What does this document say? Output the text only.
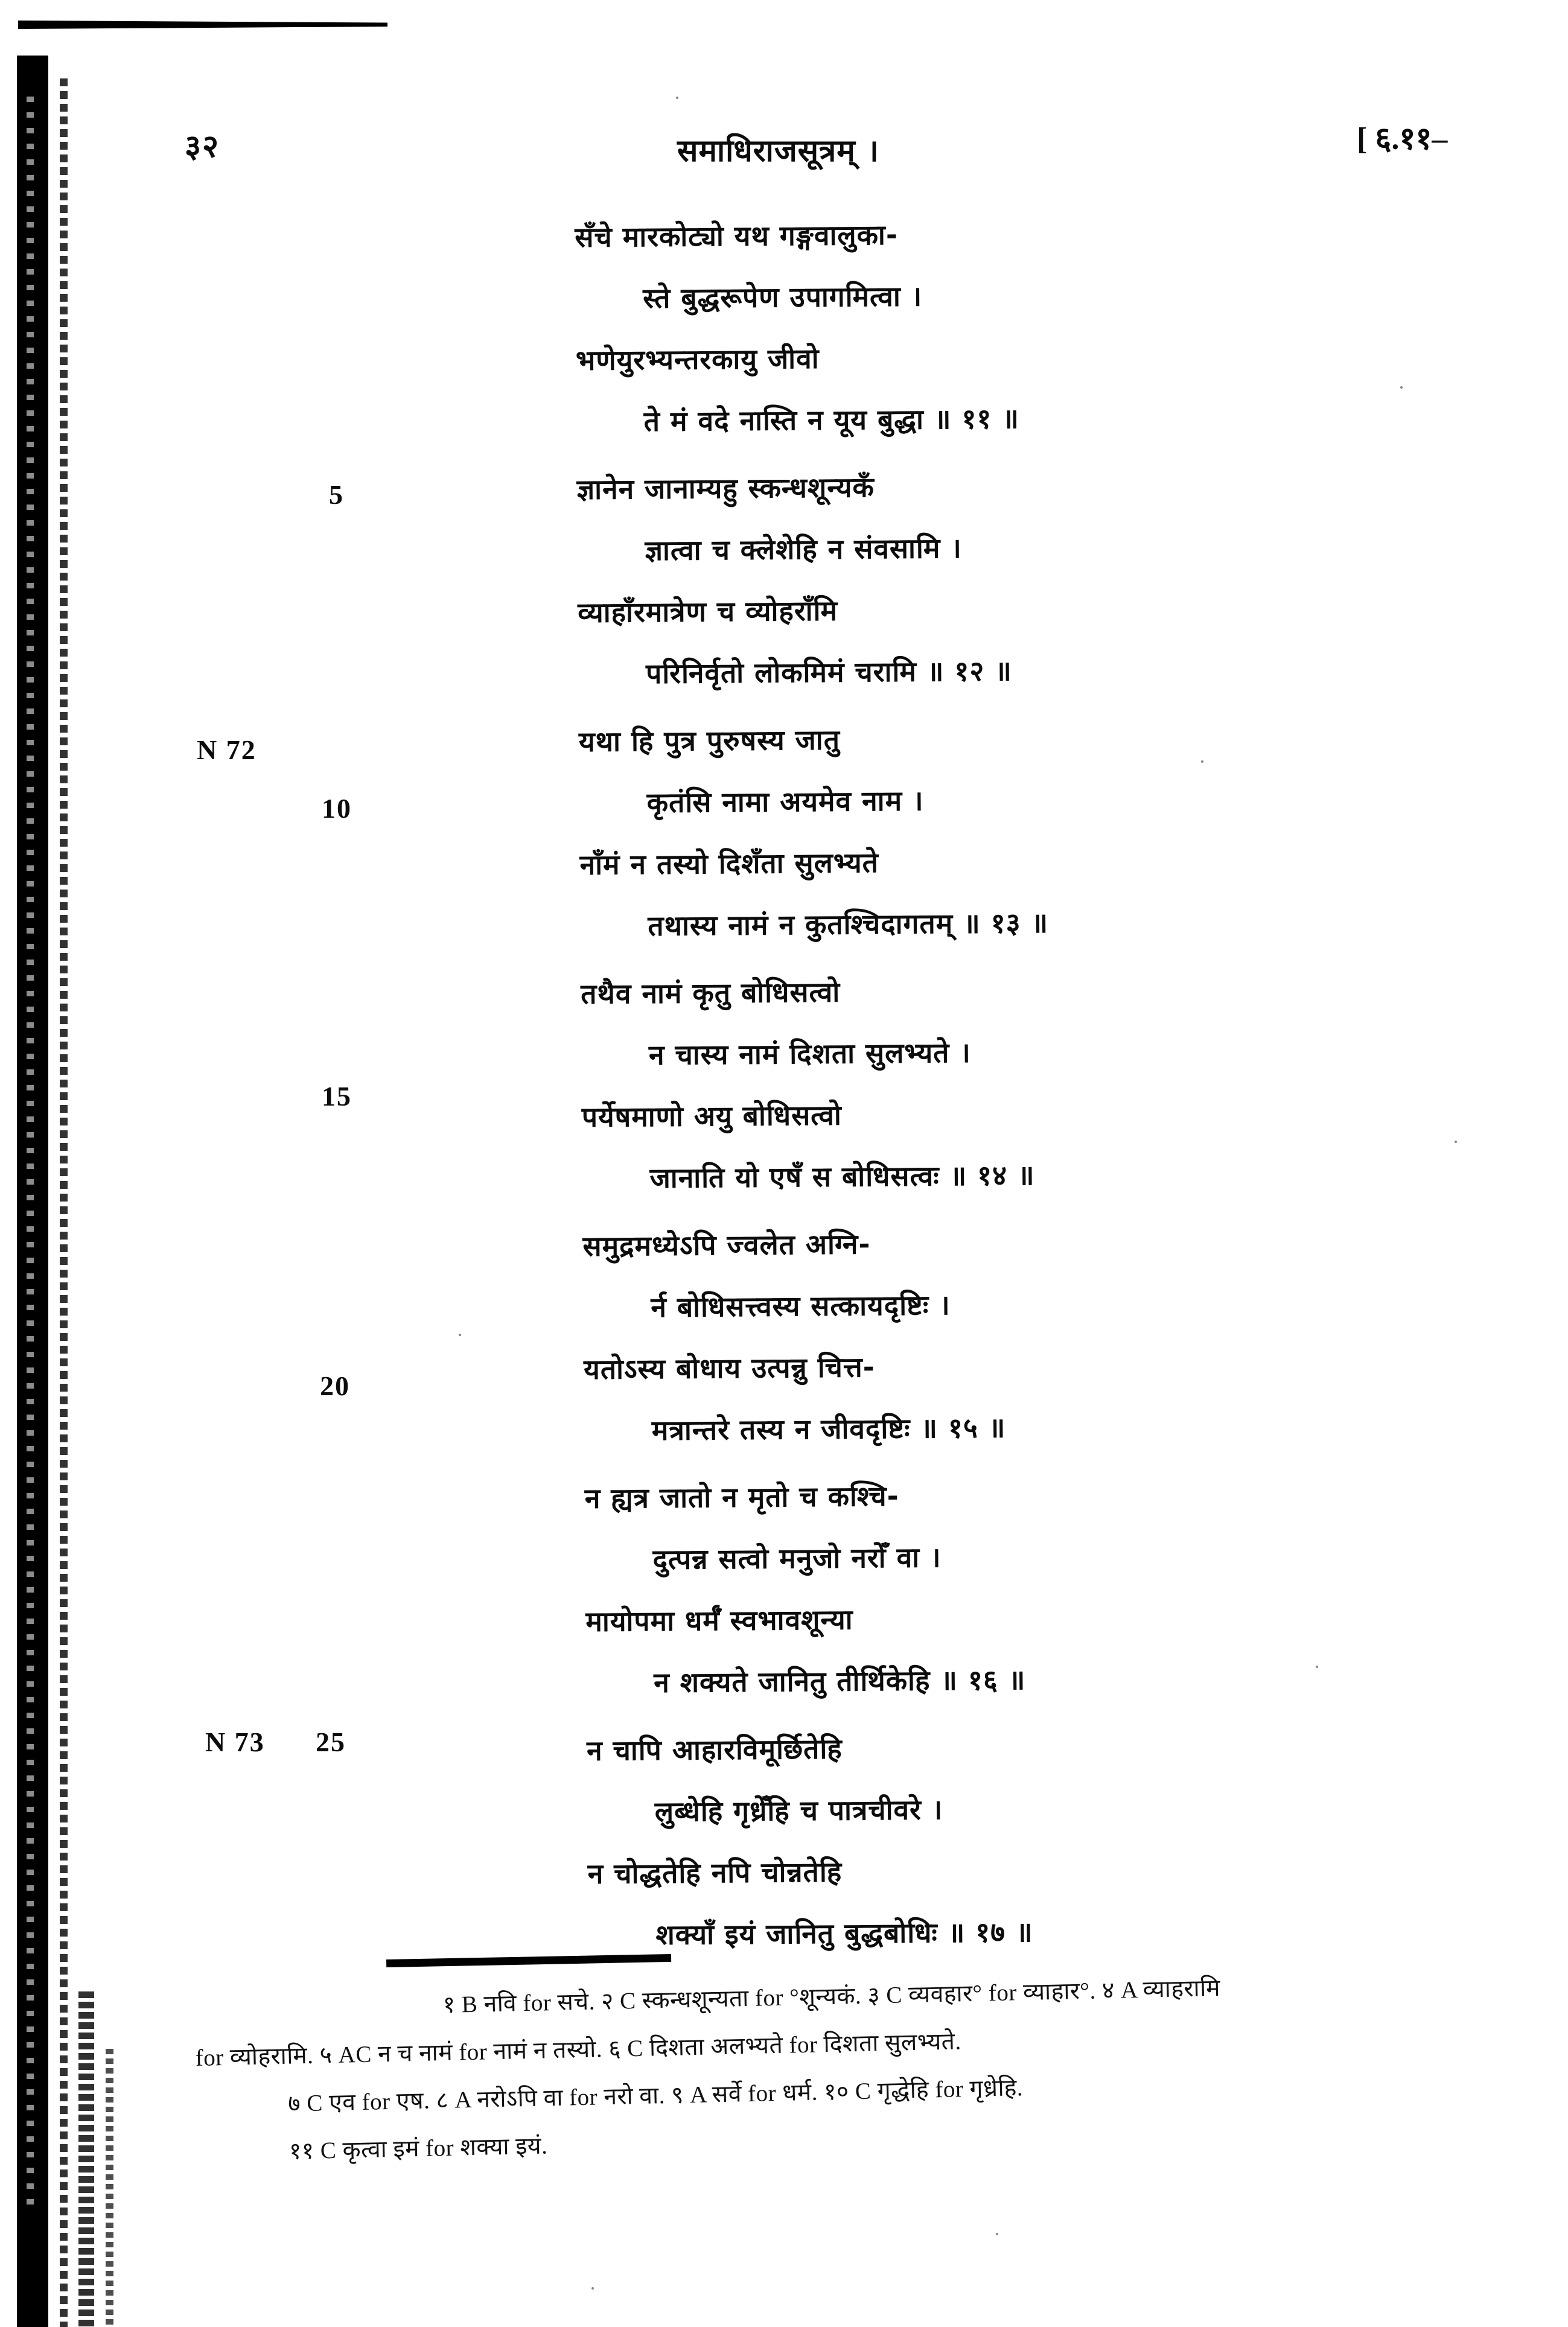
३२	समाधिराजसूत्रम् ।	[ ६.११–
5
N 72
10
15
20
N 73 25
सँचे मारकोट्यो यथ गङ्गवालुका-
स्ते बुद्धरूपेण उपागमित्वा ।
भणेयुरभ्यन्तरकायु जीवो
ते मं वदे नास्ति न यूय बुद्धा ॥ ११ ॥
ज्ञानेन जानाम्यहु स्कन्धशून्यकँ
ज्ञात्वा च क्लेशेहि न संवसामि ।
व्याहाँरमात्रेण च व्योहराँमि
परिनिर्वृतो लोकमिमं चरामि ॥ १२ ॥
यथा हि पुत्र पुरुषस्य जातु
कृतंसि नामा अयमेव नाम ।
नाँमं न तस्यो दिशँता सुलभ्यते
तथास्य नामं न कुतश्चिदागतम् ॥ १३ ॥
तथैव नामं कृतु बोधिसत्वो
न चास्य नामं दिशता सुलभ्यते ।
पर्येषमाणो अयु बोधिसत्वो
जानाति यो एषँ स बोधिसत्वः ॥ १४ ॥
समुद्रमध्येऽपि ज्वलेत अग्नि-
र्न बोधिसत्त्वस्य सत्कायदृष्टिः ।
यतोऽस्य बोधाय उत्पन्नु चित्त-
मत्रान्तरे तस्य न जीवदृष्टिः ॥ १५ ॥
न ह्यत्र जातो न मृतो च कश्चि-
दुत्पन्न सत्वो मनुजो नरोँ वा ।
मायोपमा धर्मँ स्वभावशून्या
न शक्यते जानितु तीर्थिकेहि ॥ १६ ॥
न चापि आहारविमूर्छितेहि
लुब्धेहि गृध्रेँहि च पात्रचीवरे ।
न चोद्धतेहि नपि चोन्नतेहि
शक्याँ इयं जानितु बुद्धबोधिः ॥ १७ ॥
१ B नवि for सचे. २ C स्कन्धशून्यता for °शून्यकं. ३ C व्यवहार° for व्याहार°. ४ A व्याहरामि
for व्योहरामि. ५ AC न च नामं for नामं न तस्यो. ६ C दिशता अलभ्यते for दिशता सुलभ्यते.
७ C एव for एष. ८ A नरोऽपि वा for नरो वा. ९ A सर्वे for धर्म. १० C गृद्धेहि for गृध्रेहि.
११ C कृत्वा इमं for शक्या इयं.
